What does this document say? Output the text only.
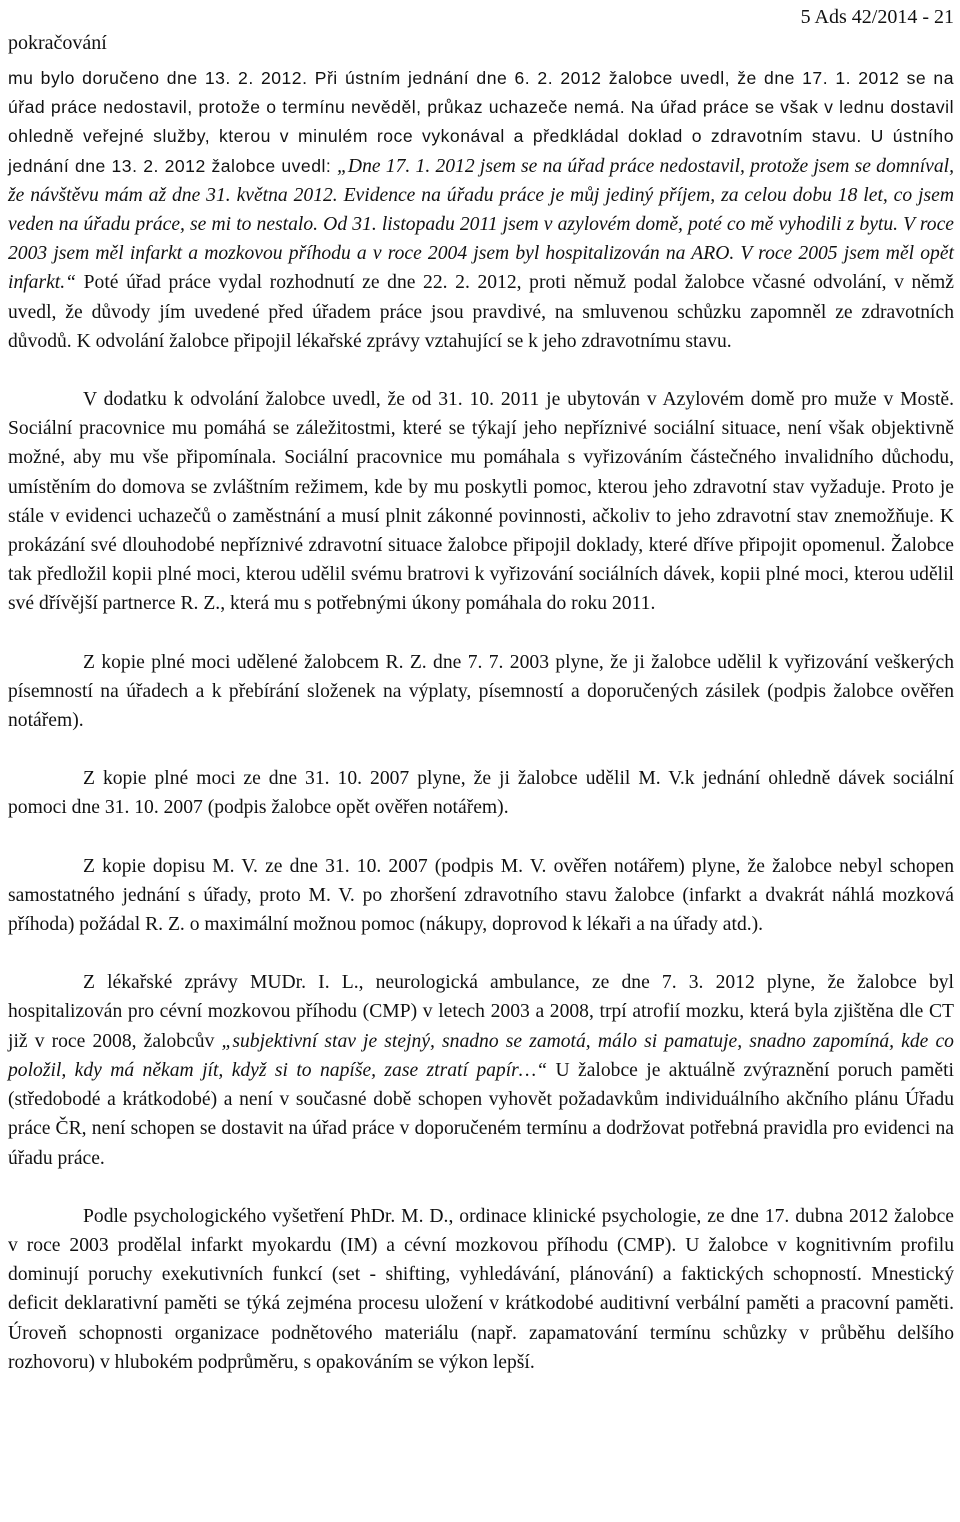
pokračování
5 Ads 42/2014 - 21

mu bylo doručeno dne 13. 2. 2012. Při ústním jednání dne 6. 2. 2012 žalobce uvedl, že dne 17. 1. 2012 se na úřad práce nedostavil, protože o termínu nevěděl, průkaz uchazeče nemá. Na úřad práce se však v lednu dostavil ohledně veřejné služby, kterou v minulém roce vykonával a předkládal doklad o zdravotním stavu. U ústního jednání dne 13. 2. 2012 žalobce uvedl: „Dne 17. 1. 2012 jsem se na úřad práce nedostavil, protože jsem se domníval, že návštěvu mám až dne 31. května 2012. Evidence na úřadu práce je můj jediný příjem, za celou dobu 18 let, co jsem veden na úřadu práce, se mi to nestalo. Od 31. listopadu 2011 jsem v azylovém domě, poté co mě vyhodili z bytu. V roce 2003 jsem měl infarkt a mozkovou příhodu a v roce 2004 jsem byl hospitalizován na ARO. V roce 2005 jsem měl opět infarkt.“ Poté úřad práce vydal rozhodnutí ze dne 22. 2. 2012, proti němuž podal žalobce včasné odvolání, v němž uvedl, že důvody jím uvedené před úřadem práce jsou pravdivé, na smluvenou schůzku zapomněl ze zdravotních důvodů. K odvolání žalobce připojil lékařské zprávy vztahující se k jeho zdravotnímu stavu.

V dodatku k odvolání žalobce uvedl, že od 31. 10. 2011 je ubytován v Azylovém domě pro muže v Mostě. Sociální pracovnice mu pomáhá se záležitostmi, které se týkají jeho nepříznivé sociální situace, není však objektivně možné, aby mu vše připomínala. Sociální pracovnice mu pomáhala s vyřizováním částečného invalidního důchodu, umístěním do domova se zvláštním režimem, kde by mu poskytli pomoc, kterou jeho zdravotní stav vyžaduje. Proto je stále v evidenci uchazečů o zaměstnání a musí plnit zákonné povinnosti, ačkoliv to jeho zdravotní stav znemožňuje. K prokázání své dlouhodobé nepříznivé zdravotní situace žalobce připojil doklady, které dříve připojit opomenul. Žalobce tak předložil kopii plné moci, kterou udělil svému bratrovi k vyřizování sociálních dávek, kopii plné moci, kterou udělil své dřívější partnerce R. Z., která mu s potřebnými úkony pomáhala do roku 2011.

Z kopie plné moci udělené žalobcem R. Z. dne 7. 7. 2003 plyne, že ji žalobce udělil k vyřizování veškerých písemností na úřadech a k přebírání složenek na výplaty, písemností a doporučených zásilek (podpis žalobce ověřen notářem).

Z kopie plné moci ze dne 31. 10. 2007 plyne, že ji žalobce udělil M. V.k jednání ohledně dávek sociální pomoci dne 31. 10. 2007 (podpis žalobce opět ověřen notářem).

Z kopie dopisu M. V. ze dne 31. 10. 2007 (podpis M. V. ověřen notářem) plyne, že žalobce nebyl schopen samostatného jednání s úřady, proto M. V. po zhoršení zdravotního stavu žalobce (infarkt a dvakrát náhlá mozková příhoda) požádal R. Z. o maximální možnou pomoc (nákupy, doprovod k lékaři a na úřady atd.).

Z lékařské zprávy MUDr. I. L., neurologická ambulance, ze dne 7. 3. 2012 plyne, že žalobce byl hospitalizován pro cévní mozkovou příhodu (CMP) v letech 2003 a 2008, trpí atrofií mozku, která byla zjištěna dle CT již v roce 2008, žalobcův „subjektivní stav je stejný, snadno se zamotá, málo si pamatuje, snadno zapomíná, kde co položil, kdy má někam jít, když si to napíše, zase ztratí papír…“ U žalobce je aktuálně zvýraznění poruch paměti (středobodé a krátkodobé) a není v současné době schopen vyhovět požadavkům individuálního akčního plánu Úřadu práce ČR, není schopen se dostavit na úřad práce v doporučeném termínu a dodržovat potřebná pravidla pro evidenci na úřadu práce.

Podle psychologického vyšetření PhDr. M. D., ordinace klinické psychologie, ze dne 17. dubna 2012 žalobce v roce 2003 prodělal infarkt myokardu (IM) a cévní mozkovou příhodu (CMP). U žalobce v kognitivním profilu dominují poruchy exekutivních funkcí (set - shifting, vyhledávání, plánování) a faktických schopností. Mnestický deficit deklarativní paměti se týká zejména procesu uložení v krátkodobé auditivní verbální paměti a pracovní paměti. Úroveň schopnosti organizace podnětového materiálu (např. zapamatování termínu schůzky v průběhu delšího rozhovoru) v hlubokém podprůměru, s opakováním se výkon lepší.
